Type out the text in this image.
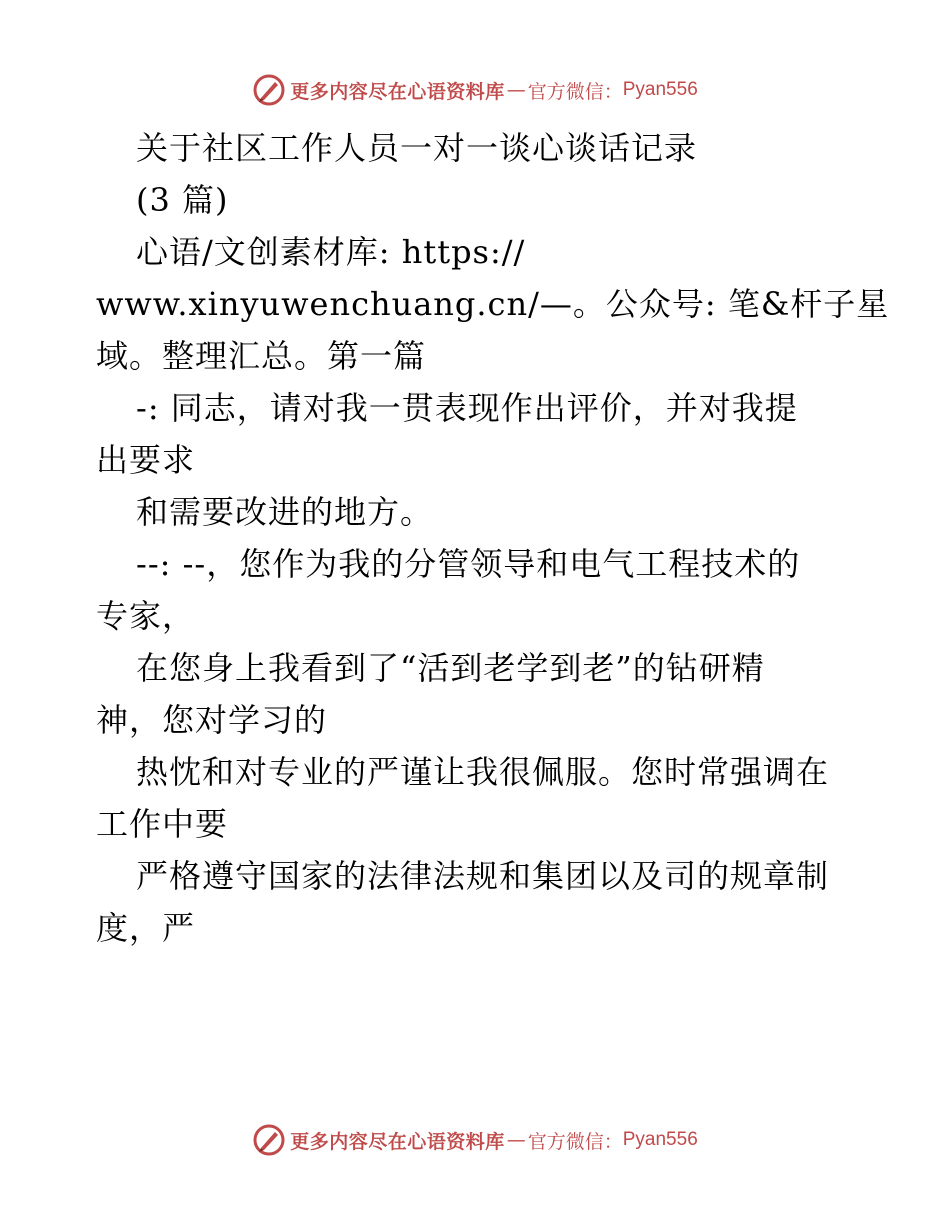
更多内容尽在心语资料库 — 官方微信： Pyan556
关于社区工作人员一对一谈心谈话记录
(3 篇)
心语/文创素材库: https://
www.xinyuwenchuang.cn/—。公众号: 笔&杆子星
域。整理汇总。第一篇
-: 同志，请对我一贯表现作出评价，并对我提
出要求
和需要改进的地方。
--: --，您作为我的分管领导和电气工程技术的
专家，
在您身上我看到了“活到老学到老”的钻研精
神，您对学习的
热忱和对专业的严谨让我很佩服。您时常强调在
工作中要
严格遵守国家的法律法规和集团以及司的规章制
度，严
更多内容尽在心语资料库 — 官方微信： Pyan556
